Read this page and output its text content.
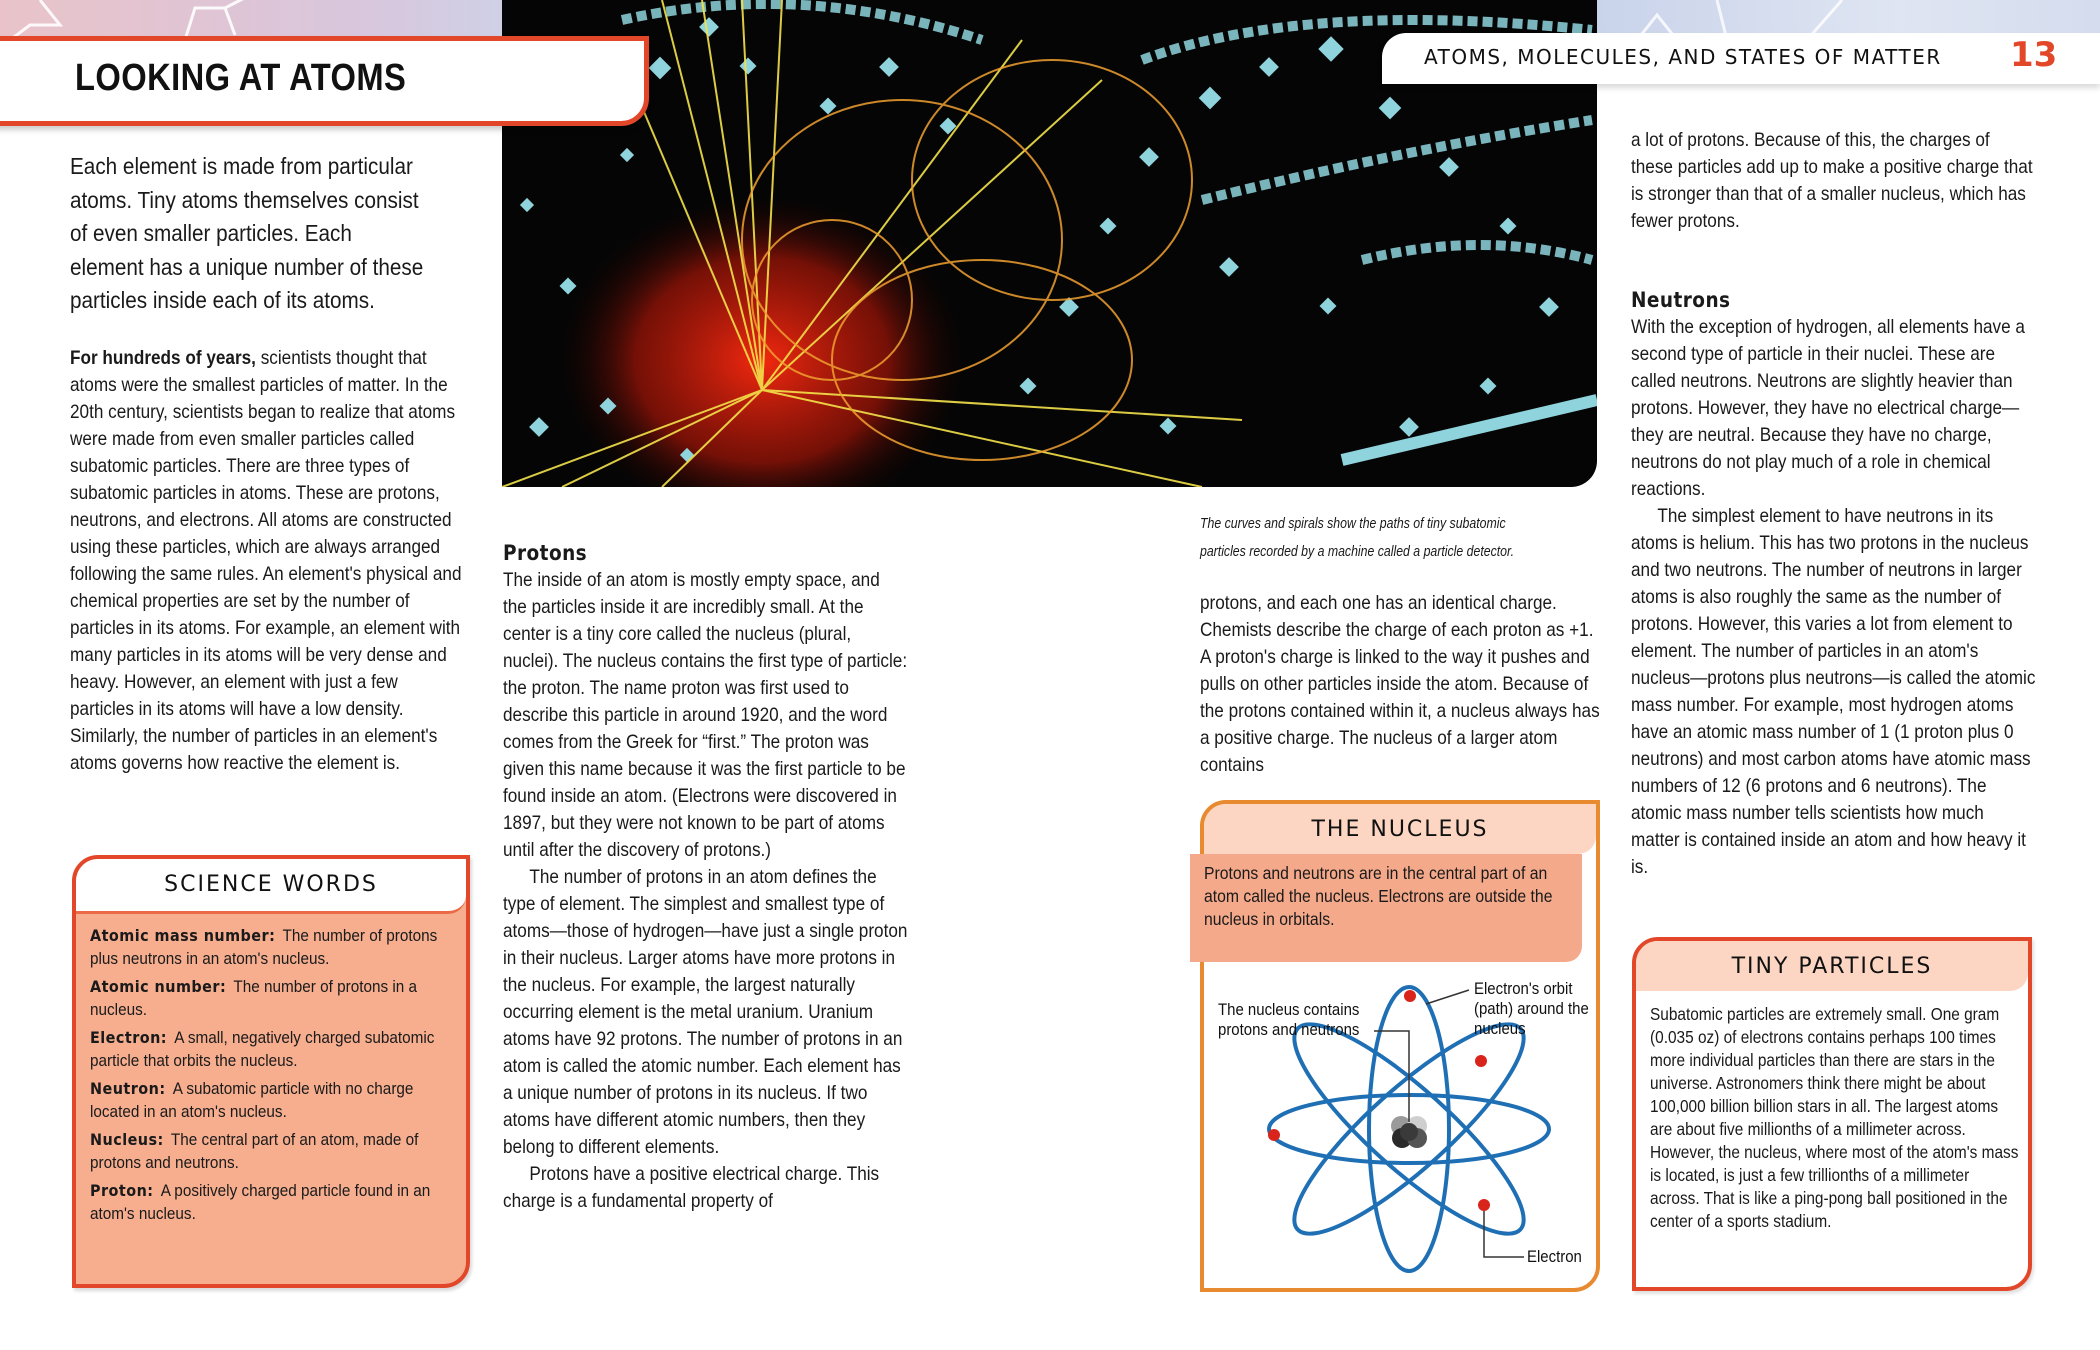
LOOKING AT ATOMS	ATOMS, MOLECULES, AND STATES OF MATTER 13
Each element is made from particular atoms. Tiny atoms themselves consist of even smaller particles. Each element has a unique number of these particles inside each of its atoms.
For hundreds of years, scientists thought that atoms were the smallest particles of matter. In the 20th century, scientists began to realize that atoms were made from even smaller particles called subatomic particles. There are three types of subatomic particles in atoms. These are protons, neutrons, and electrons. All atoms are constructed using these particles, which are always arranged following the same rules. An element's physical and chemical properties are set by the number of particles in its atoms. For example, an element with many particles in its atoms will be very dense and heavy. However, an element with just a few particles in its atoms will have a low density. Similarly, the number of particles in an element's atoms governs how reactive the element is.
SCIENCE WORDS
Atomic mass number: The number of protons plus neutrons in an atom's nucleus.
Atomic number: The number of protons in a nucleus.
Electron: A small, negatively charged subatomic particle that orbits the nucleus.
Neutron: A subatomic particle with no charge located in an atom's nucleus.
Nucleus: The central part of an atom, made of protons and neutrons.
Proton: A positively charged particle found in an atom's nucleus.
Protons
The inside of an atom is mostly empty space, and the particles inside it are incredibly small. At the center is a tiny core called the nucleus (plural, nuclei). The nucleus contains the first type of particle: the proton. The name proton was first used to describe this particle in around 1920, and the word comes from the Greek for “first.” The proton was given this name because it was the first particle to be found inside an atom. (Electrons were discovered in 1897, but they were not known to be part of atoms until after the discovery of protons.)
The number of protons in an atom defines the type of element. The simplest and smallest type of atoms—those of hydrogen—have just a single proton in their nucleus. Larger atoms have more protons in the nucleus. For example, the largest naturally occurring element is the metal uranium. Uranium atoms have 92 protons. The number of protons in an atom is called the atomic number. Each element has a unique number of protons in its nucleus. If two atoms have different atomic numbers, then they belong to different elements.
Protons have a positive electrical charge. This charge is a fundamental property of
The curves and spirals show the paths of tiny subatomic particles recorded by a machine called a particle detector.
protons, and each one has an identical charge. Chemists describe the charge of each proton as +1. A proton's charge is linked to the way it pushes and pulls on other particles inside the atom. Because of the protons contained within it, a nucleus always has a positive charge. The nucleus of a larger atom contains
THE NUCLEUS
Protons and neutrons are in the central part of an atom called the nucleus. Electrons are outside the nucleus in orbitals.
The nucleus contains protons and neutrons
Electron's orbit (path) around the nucleus
Electron
a lot of protons. Because of this, the charges of these particles add up to make a positive charge that is stronger than that of a smaller nucleus, which has fewer protons.
Neutrons
With the exception of hydrogen, all elements have a second type of particle in their nuclei. These are called neutrons. Neutrons are slightly heavier than protons. However, they have no electrical charge—they are neutral. Because they have no charge, neutrons do not play much of a role in chemical reactions.
The simplest element to have neutrons in its atoms is helium. This has two protons in the nucleus and two neutrons. The number of neutrons in larger atoms is also roughly the same as the number of protons. However, this varies a lot from element to element. The number of particles in an atom's nucleus—protons plus neutrons—is called the atomic mass number. For example, most hydrogen atoms have an atomic mass number of 1 (1 proton plus 0 neutrons) and most carbon atoms have atomic mass numbers of 12 (6 protons and 6 neutrons). The atomic mass number tells scientists how much matter is contained inside an atom and how heavy it is.
TINY PARTICLES
Subatomic particles are extremely small. One gram (0.035 oz) of electrons contains perhaps 100 times more individual particles than there are stars in the universe. Astronomers think there might be about 100,000 billion billion stars in all. The largest atoms are about five millionths of a millimeter across. However, the nucleus, where most of the atom's mass is located, is just a few trillionths of a millimeter across. That is like a ping-pong ball positioned in the center of a sports stadium.
